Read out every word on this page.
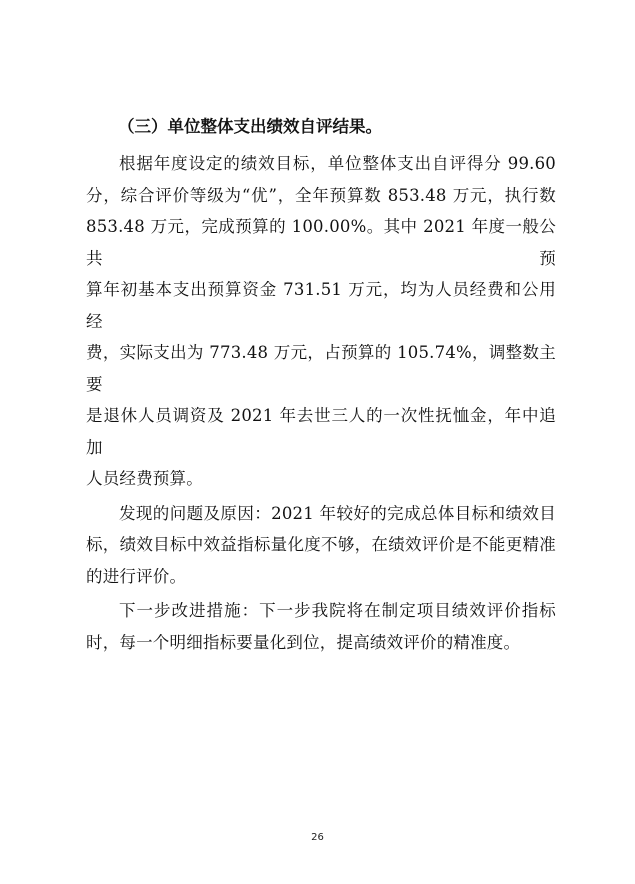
（三）单位整体支出绩效自评结果。
根据年度设定的绩效目标，单位整体支出自评得分 99.60
分，综合评价等级为“优”，全年预算数 853.48 万元，执行数
853.48 万元，完成预算的 100.00%。其中 2021 年度一般公共预
算年初基本支出预算资金 731.51 万元，均为人员经费和公用经
费，实际支出为 773.48 万元，占预算的 105.74%，调整数主要
是退休人员调资及 2021 年去世三人的一次性抚恤金，年中追加
人员经费预算。
发现的问题及原因：2021 年较好的完成总体目标和绩效目
标，绩效目标中效益指标量化度不够，在绩效评价是不能更精准
的进行评价。
下一步改进措施：下一步我院将在制定项目绩效评价指标
时，每一个明细指标要量化到位，提高绩效评价的精准度。
26
